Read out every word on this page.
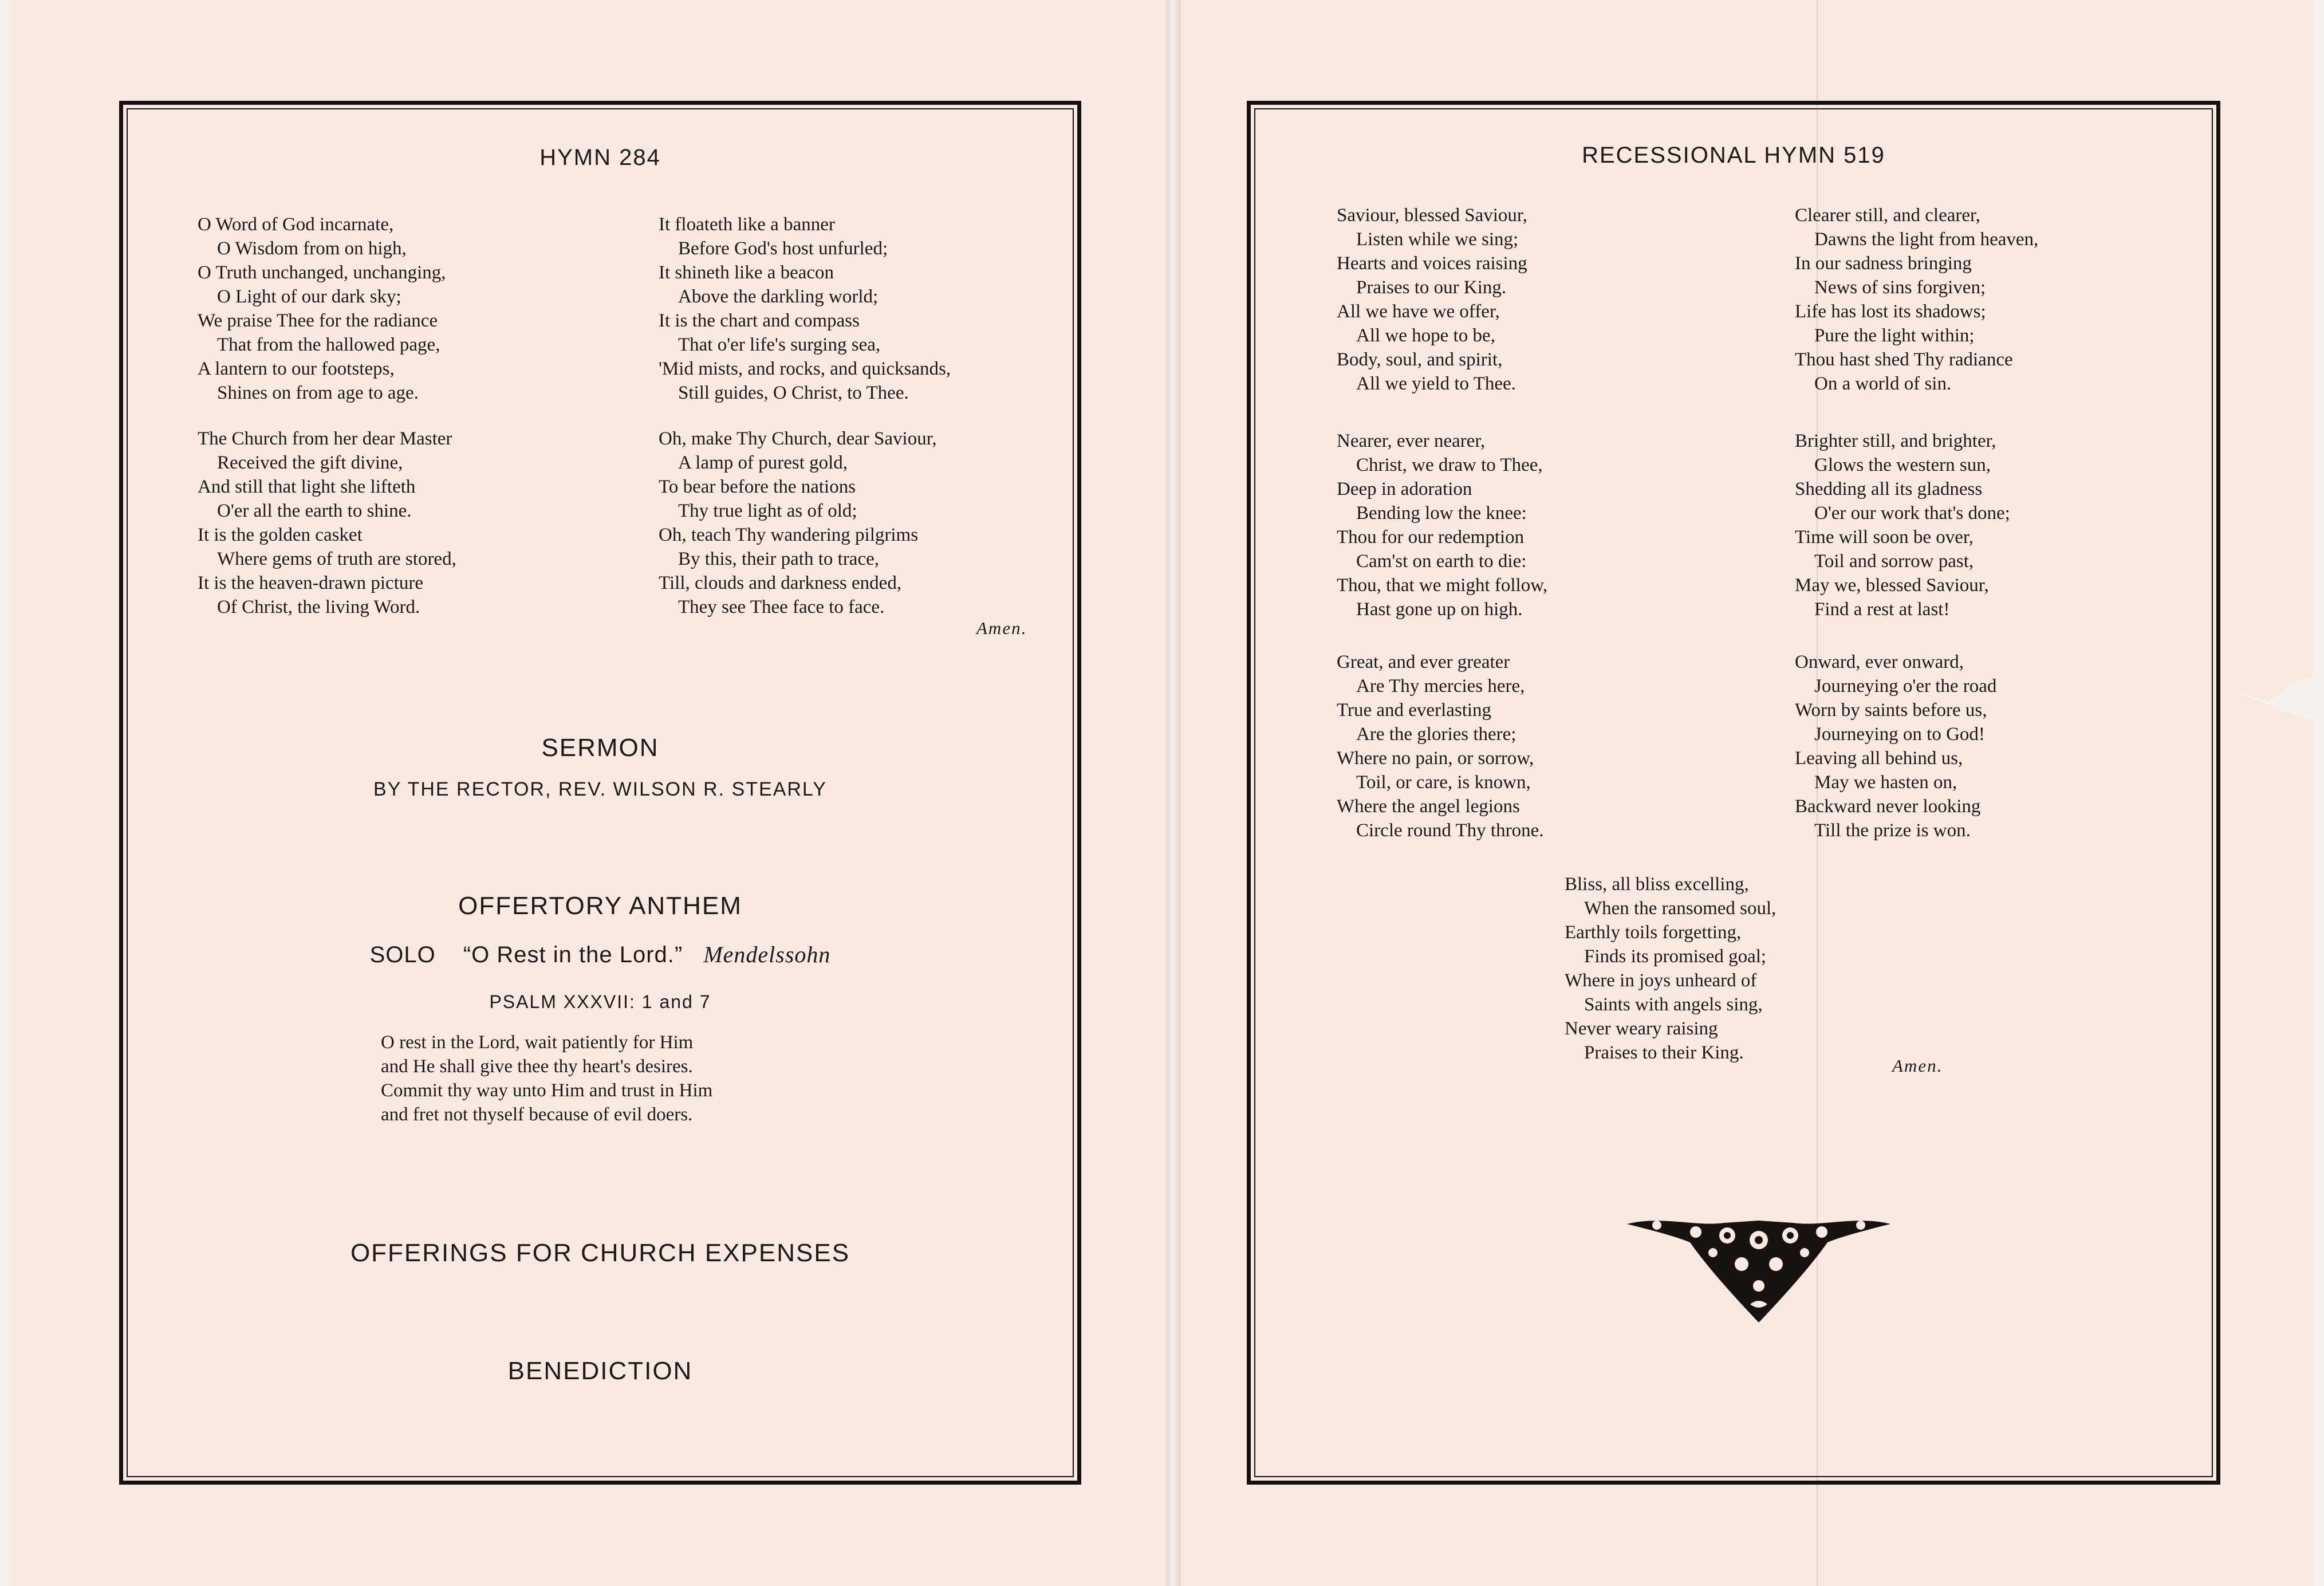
HYMN 284
O Word of God incarnate,
O Wisdom from on high,
O Truth unchanged, unchanging,
O Light of our dark sky;
We praise Thee for the radiance
That from the hallowed page,
A lantern to our footsteps,
Shines on from age to age.
The Church from her dear Master
Received the gift divine,
And still that light she lifteth
O'er all the earth to shine.
It is the golden casket
Where gems of truth are stored,
It is the heaven-drawn picture
Of Christ, the living Word.
It floateth like a banner
Before God's host unfurled;
It shineth like a beacon
Above the darkling world;
It is the chart and compass
That o'er life's surging sea,
'Mid mists, and rocks, and quicksands,
Still guides, O Christ, to Thee.
Oh, make Thy Church, dear Saviour,
A lamp of purest gold,
To bear before the nations
Thy true light as of old;
Oh, teach Thy wandering pilgrims
By this, their path to trace,
Till, clouds and darkness ended,
They see Thee face to face.
Amen.
SERMON
BY THE RECTOR, REV. WILSON R. STEARLY
OFFERTORY ANTHEM
SOLO “O Rest in the Lord.” Mendelssohn
PSALM XXXVII: 1 and 7
O rest in the Lord, wait patiently for Him
and He shall give thee thy heart's desires.
Commit thy way unto Him and trust in Him
and fret not thyself because of evil doers.
OFFERINGS FOR CHURCH EXPENSES
BENEDICTION
RECESSIONAL HYMN 519
Saviour, blessed Saviour,
Listen while we sing;
Hearts and voices raising
Praises to our King.
All we have we offer,
All we hope to be,
Body, soul, and spirit,
All we yield to Thee.
Nearer, ever nearer,
Christ, we draw to Thee,
Deep in adoration
Bending low the knee:
Thou for our redemption
Cam'st on earth to die:
Thou, that we might follow,
Hast gone up on high.
Great, and ever greater
Are Thy mercies here,
True and everlasting
Are the glories there;
Where no pain, or sorrow,
Toil, or care, is known,
Where the angel legions
Circle round Thy throne.
Clearer still, and clearer,
Dawns the light from heaven,
In our sadness bringing
News of sins forgiven;
Life has lost its shadows;
Pure the light within;
Thou hast shed Thy radiance
On a world of sin.
Brighter still, and brighter,
Glows the western sun,
Shedding all its gladness
O'er our work that's done;
Time will soon be over,
Toil and sorrow past,
May we, blessed Saviour,
Find a rest at last!
Onward, ever onward,
Journeying o'er the road
Worn by saints before us,
Journeying on to God!
Leaving all behind us,
May we hasten on,
Backward never looking
Till the prize is won.
Bliss, all bliss excelling,
When the ransomed soul,
Earthly toils forgetting,
Finds its promised goal;
Where in joys unheard of
Saints with angels sing,
Never weary raising
Praises to their King.
Amen.
